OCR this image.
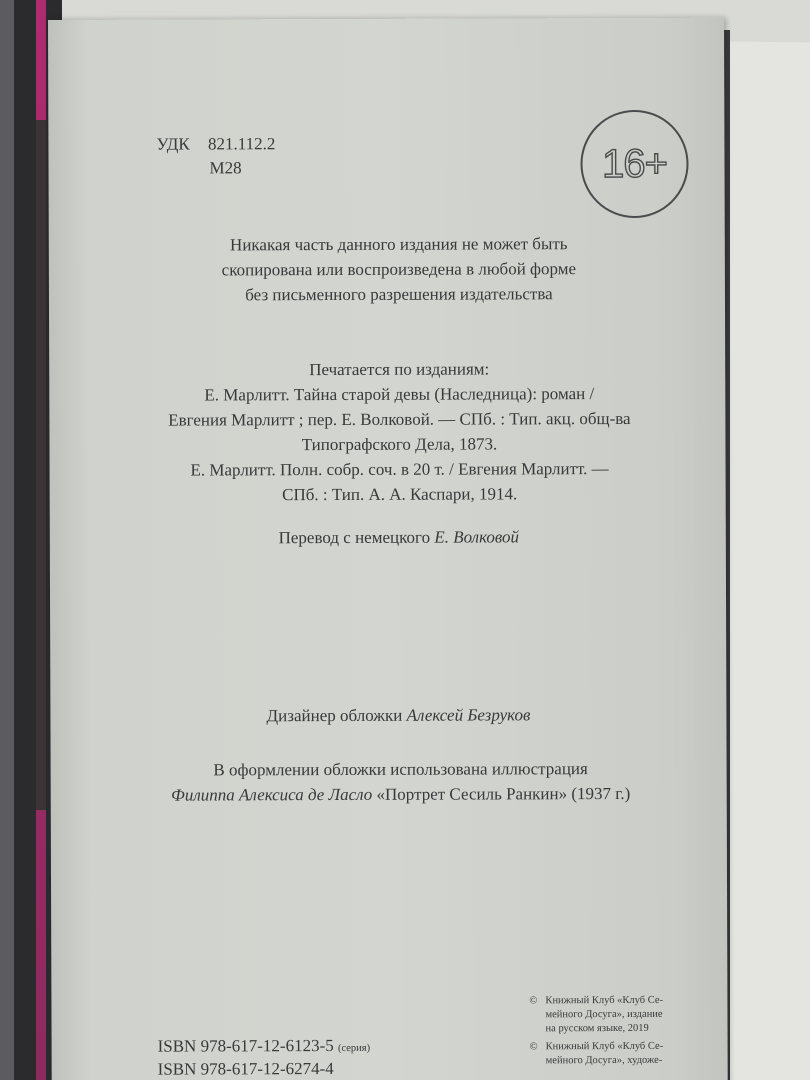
УДК 821.112.2
М28	16+
Никакая часть данного издания не может быть
скопирована или воспроизведена в любой форме
без письменного разрешения издательства
Печатается по изданиям:
Е. Марлитт. Тайна старой девы (Наследница): роман /
Евгения Марлитт ; пер. Е. Волковой. — СПб. : Тип. акц. общ-ва
Типографского Дела, 1873.
Е. Марлитт. Полн. собр. соч. в 20 т. / Евгения Марлитт. —
СПб. : Тип. А. А. Каспари, 1914.
Перевод с немецкого Е. Волковой
Дизайнер обложки Алексей Безруков
В оформлении обложки использована иллюстрация
Филиппа Алексиса де Ласло «Портрет Сесиль Ранкин» (1937 г.)
ISBN 978-617-12-6123-5 (серия)
ISBN 978-617-12-6274-4
© Книжный Клуб «Клуб Се-
мейного Досуга», издание
на русском языке, 2019
© Книжный Клуб «Клуб Се-
мейного Досуга», художе-
